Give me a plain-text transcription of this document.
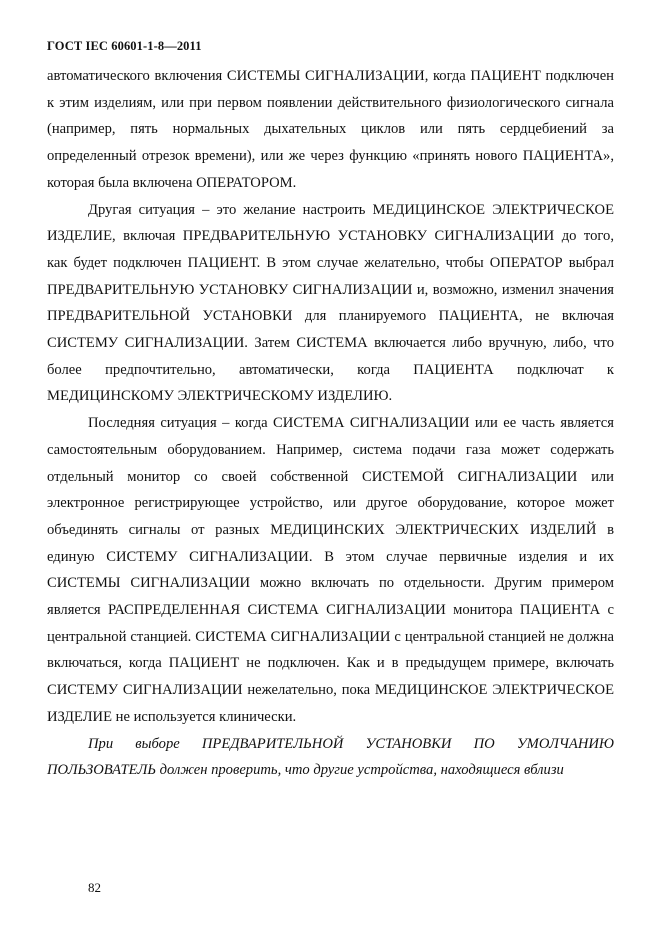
ГОСТ IEC 60601-1-8—2011

автоматического включения СИСТЕМЫ СИГНАЛИЗАЦИИ, когда ПАЦИЕНТ подключен к этим изделиям, или при первом появлении действительного физиологического сигнала (например, пять нормальных дыхательных циклов или пять сердцебиений за определенный отрезок времени), или же через функцию «принять нового ПАЦИЕНТА», которая была включена ОПЕРАТОРОМ.

Другая ситуация – это желание настроить МЕДИЦИНСКОЕ ЭЛЕКТРИЧЕСКОЕ ИЗДЕЛИЕ, включая ПРЕДВАРИТЕЛЬНУЮ УСТАНОВКУ СИГНАЛИЗАЦИИ до того, как будет подключен ПАЦИЕНТ. В этом случае желательно, чтобы ОПЕРАТОР выбрал ПРЕДВАРИТЕЛЬНУЮ УСТАНОВКУ СИГНАЛИЗАЦИИ и, возможно, изменил значения ПРЕДВАРИТЕЛЬНОЙ УСТАНОВКИ для планируемого ПАЦИЕНТА, не включая СИСТЕМУ СИГНАЛИЗАЦИИ. Затем СИСТЕМА включается либо вручную, либо, что более предпочтительно, автоматически, когда ПАЦИЕНТА подключат к МЕДИЦИНСКОМУ ЭЛЕКТРИЧЕСКОМУ ИЗДЕЛИЮ.

Последняя ситуация – когда СИСТЕМА СИГНАЛИЗАЦИИ или ее часть является самостоятельным оборудованием. Например, система подачи газа может содержать отдельный монитор со своей собственной СИСТЕМОЙ СИГНАЛИЗАЦИИ или электронное регистрирующее устройство, или другое оборудование, которое может объединять сигналы от разных МЕДИЦИНСКИХ ЭЛЕКТРИЧЕСКИХ ИЗДЕЛИЙ в единую СИСТЕМУ СИГНАЛИЗАЦИИ. В этом случае первичные изделия и их СИСТЕМЫ СИГНАЛИЗАЦИИ можно включать по отдельности. Другим примером является РАСПРЕДЕЛЕННАЯ СИСТЕМА СИГНАЛИЗАЦИИ монитора ПАЦИЕНТА с центральной станцией. СИСТЕМА СИГНАЛИЗАЦИИ с центральной станцией не должна включаться, когда ПАЦИЕНТ не подключен. Как и в предыдущем примере, включать СИСТЕМУ СИГНАЛИЗАЦИИ нежелательно, пока МЕДИЦИНСКОЕ ЭЛЕКТРИЧЕСКОЕ ИЗДЕЛИЕ не используется клинически.

При выборе ПРЕДВАРИТЕЛЬНОЙ УСТАНОВКИ ПО УМОЛЧАНИЮ ПОЛЬЗОВАТЕЛЬ должен проверить, что другие устройства, находящиеся вблизи

82
